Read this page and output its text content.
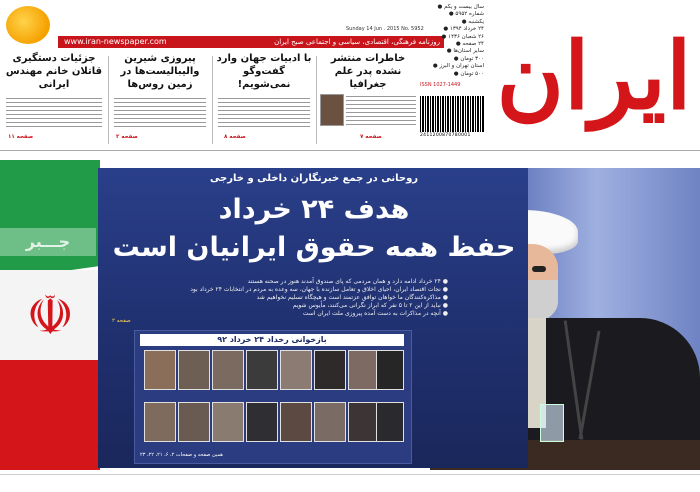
www.iran-newspaper.com	روزنامه فرهنگی، اقتصادی، سیاسی و اجتماعی صبح ایران
Sunday 14 Jun . 2015 No. 5952 ایران
سال بیست و یکم ●
شماره ۵۹۵۲ ●
یکشنبه ●
۲۴ خرداد ۱۳۹۴ ●
۲۶ شعبان ۱۴۳۶ ●
۲۴ صفحه ●
سایر استان‌ها ●
۳۰۰ تومان ●
استان تهران و البرز ●
۵۰۰ تومان ●
ISSN 1027-1449
2411200870780001
خاطرات منتشر نشده پدر علم جغرافیا
صفحه ۷
با ادبیات جهان وارد گفت‌وگو نمی‌شویم!
صفحه ۸
پیروزی شیرین والیبالیست‌ها در زمین روس‌ها
صفحه ۲
جزئیات دستگیری قاتلان خانم مهندس ایرانی
صفحه ۱۱
☫
جـــبر
روحانی در جمع خبرنگاران داخلی و خارجی
هدف ۲۴ خرداد
حفظ همه حقوق ایرانیان است
● ۲۴ خرداد ادامه دارد و همان مردمی که پای صندوق آمدند هنوز در صحنه هستند
● نجات اقتصاد ایران، احیای اخلاق و تعامل سازنده با جهان، سه وعده به مردم در انتخابات ۲۴ خرداد بود
● مذاکره‌کنندگان ما خواهان توافق عزتمند است و هیچگاه تسلیم نخواهیم شد
● نباید از این ۲ تا ۵ نفر که ابراز نگرانی می‌کنند، مأیوس شویم
● آنچه در مذاکرات به دست آمده پیروزی ملت ایران است
صفحه ۲
بازخوانی رخداد ۲۴ خرداد ۹۲
همین صفحه و صفحات ۲، ۶، ۲۱، ۲۲، ۲۳
